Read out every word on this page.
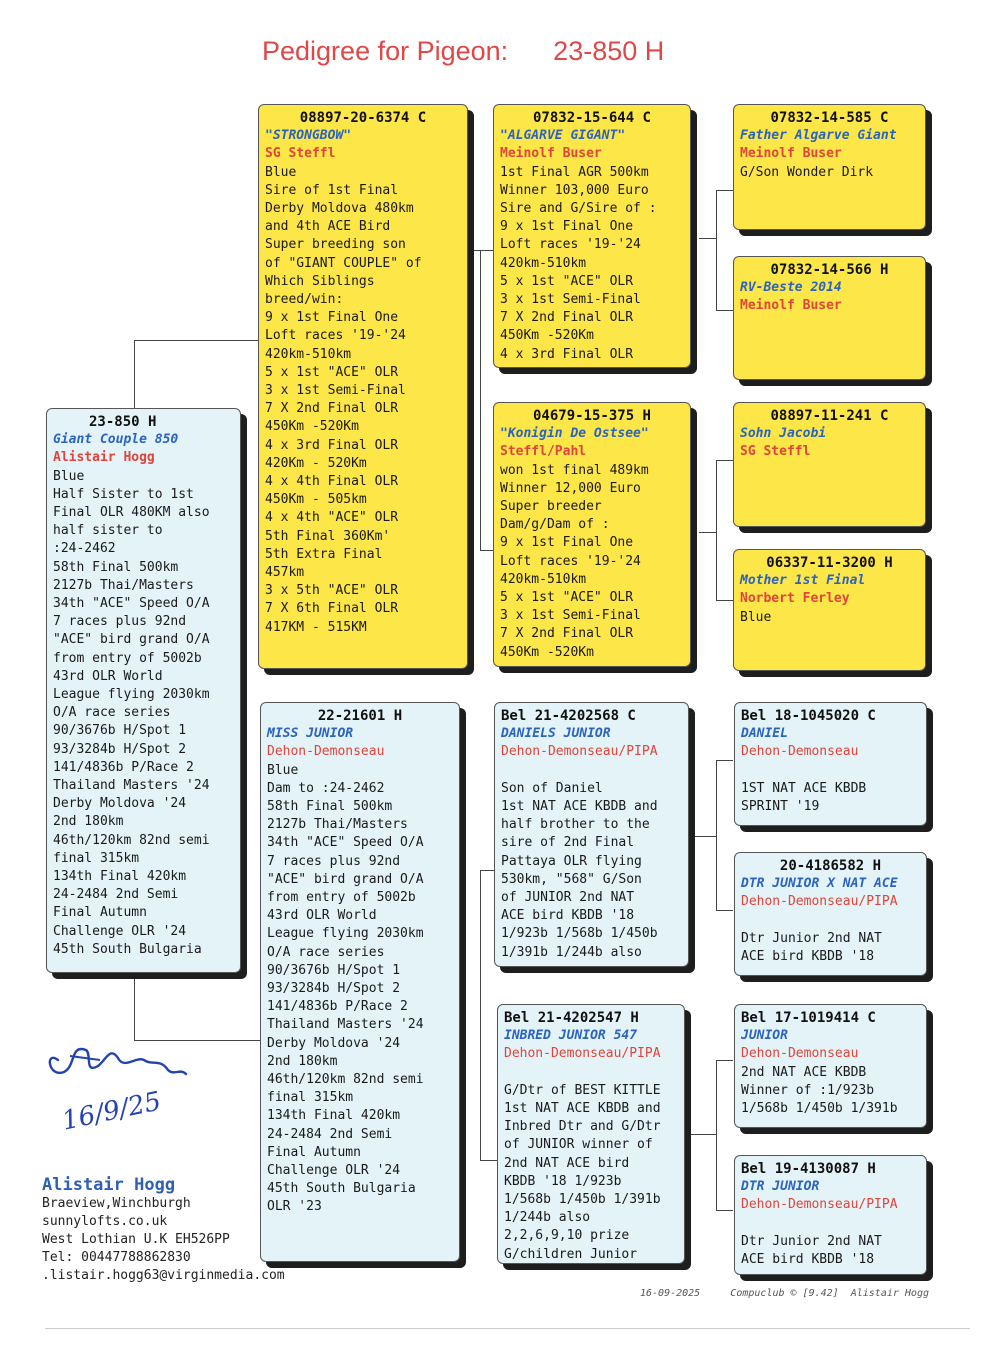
Pedigree for Pigeon:      23-850 H
23-850 H
Giant Couple 850
Alistair Hogg
Blue
Half Sister to 1st
Final OLR 480KM also
half sister to
:24-2462
58th Final 500km
2127b Thai/Masters
34th "ACE" Speed O/A
7 races plus 92nd
"ACE" bird grand O/A
from entry of 5002b
43rd OLR World
League flying 2030km
O/A race series
90/3676b H/Spot 1
93/3284b H/Spot 2
141/4836b P/Race 2
Thailand Masters '24
Derby Moldova '24
2nd 180km
46th/120km 82nd semi
final 315km
134th Final 420km
24-2484 2nd Semi
Final Autumn
Challenge OLR '24
45th South Bulgaria
08897-20-6374 C
"STRONGBOW"
SG Steffl
Blue
Sire of 1st Final
Derby Moldova 480km
and 4th ACE Bird
Super breeding son
of "GIANT COUPLE" of
Which Siblings
breed/win:
9 x 1st Final One
Loft races '19-'24
420km-510km
5 x 1st "ACE" OLR
3 x 1st Semi-Final
7 X 2nd Final OLR
450Km -520Km
4 x 3rd Final OLR
420Km - 520Km
4 x 4th Final OLR
450Km - 505km
4 x 4th "ACE" OLR
5th Final 360Km'
5th Extra Final
457km
3 x 5th "ACE" OLR
7 X 6th Final OLR
417KM - 515KM
22-21601 H
MISS JUNIOR
Dehon-Demonseau
Blue
Dam to :24-2462
58th Final 500km
2127b Thai/Masters
34th "ACE" Speed O/A
7 races plus 92nd
"ACE" bird grand O/A
from entry of 5002b
43rd OLR World
League flying 2030km
O/A race series
90/3676b H/Spot 1
93/3284b H/Spot 2
141/4836b P/Race 2
Thailand Masters '24
Derby Moldova '24
2nd 180km
46th/120km 82nd semi
final 315km
134th Final 420km
24-2484 2nd Semi
Final Autumn
Challenge OLR '24
45th South Bulgaria
OLR '23
07832-15-644 C
"ALGARVE GIGANT"
Meinolf Buser
1st Final AGR 500km
Winner 103,000 Euro
Sire and G/Sire of :
9 x 1st Final One
Loft races '19-'24
420km-510km
5 x 1st "ACE" OLR
3 x 1st Semi-Final
7 X 2nd Final OLR
450Km -520Km
4 x 3rd Final OLR
04679-15-375 H
"Konigin De Ostsee"
Steffl/Pahl
won 1st final 489km
Winner 12,000 Euro
Super breeder
Dam/g/Dam of :
9 x 1st Final One
Loft races '19-'24
420km-510km
5 x 1st "ACE" OLR
3 x 1st Semi-Final
7 X 2nd Final OLR
450Km -520Km
Bel 21-4202568 C
DANIELS JUNIOR
Dehon-Demonseau/PIPA

Son of Daniel
1st NAT ACE KBDB and
half brother to the
sire of 2nd Final
Pattaya OLR flying
530km, "568" G/Son
of JUNIOR 2nd NAT
ACE bird KBDB '18
1/923b 1/568b 1/450b
1/391b 1/244b also
Bel 21-4202547 H
INBRED JUNIOR 547
Dehon-Demonseau/PIPA

G/Dtr of BEST KITTLE
1st NAT ACE KBDB and
Inbred Dtr and G/Dtr
of JUNIOR winner of
2nd NAT ACE bird
KBDB '18 1/923b
1/568b 1/450b 1/391b
1/244b also
2,2,6,9,10 prize
G/children Junior
07832-14-585 C
Father Algarve Giant
Meinolf Buser
G/Son Wonder Dirk
07832-14-566 H
RV-Beste 2014
Meinolf Buser
08897-11-241 C
Sohn Jacobi
SG Steffl
06337-11-3200 H
Mother 1st Final
Norbert Ferley
Blue
Bel 18-1045020 C
DANIEL
Dehon-Demonseau

1ST NAT ACE KBDB
SPRINT '19
20-4186582 H
DTR JUNIOR X NAT ACE
Dehon-Demonseau/PIPA

Dtr Junior 2nd NAT
ACE bird KBDB '18
Bel 17-1019414 C
JUNIOR
Dehon-Demonseau
2nd NAT ACE KBDB
Winner of :1/923b
1/568b 1/450b 1/391b
Bel 19-4130087 H
DTR JUNIOR
Dehon-Demonseau/PIPA

Dtr Junior 2nd NAT
ACE bird KBDB '18
16/9/25
Alistair Hogg
Braeview,Winchburgh
sunnylofts.co.uk
West Lothian U.K EH526PP
Tel: 00447788862830
.listair.hogg63@virginmedia.com
16-09-2025     Compuclub © [9.42]  Alistair Hogg
